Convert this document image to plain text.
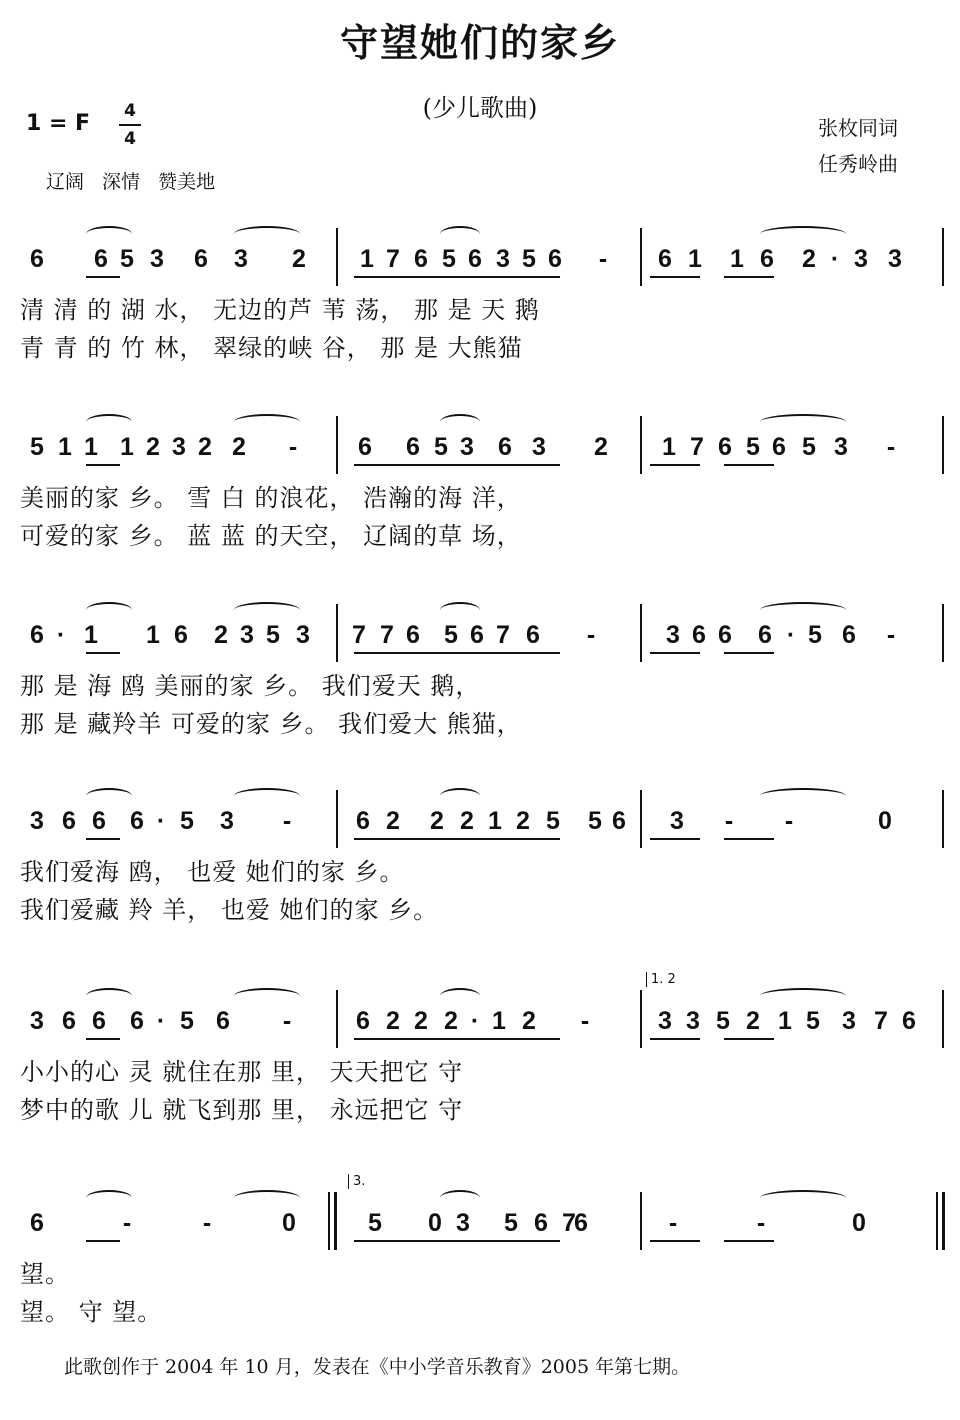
守望她们的家乡
(少儿歌曲)
张枚同词
任秀岭曲
1 = F 4
4
辽阔 深情 赞美地
6 6 5 3 6 3 2 1 7 6 5 6 3 5 6	-	6 1 1 6 2 · 3 3
清 清 的 湖 水， 无边的芦 苇 荡， 那 是 天 鹅
青 青 的 竹 林， 翠绿的峡 谷， 那 是 大熊猫
5 1 1 1 2 3 2 2	-	6 6 5 3 6 3 2 1 7 6 5 6 5 3	-
美丽的家 乡。 雪 白 的浪花， 浩瀚的海 洋，
可爱的家 乡。 蓝 蓝 的天空， 辽阔的草 场，
6 · 1 1 6 2 3 5 3 7 7 6 5 6 7 6	-	3 6 6 6 · 5 6	-
那 是 海 鸥 美丽的家 乡。 我们爱天 鹅，
那 是 藏羚羊 可爱的家 乡。 我们爱大 熊猫，
3 6 6 6 · 5 3	-	6 2 2 2 1 2 5 5 6 3	-	-	0
我们爱海 鸥， 也爱 她们的家 乡。
我们爱藏 羚 羊， 也爱 她们的家 乡。
3 6 6 6 · 5 6	-	6 2 2 2 · 1 2	-	3 3 5 2 1 5 3 7 6
1. 2
小小的心 灵 就住在那 里， 天天把它 守
梦中的歌 儿 就飞到那 里， 永远把它 守
6	-	-	0	5 0 3 5 6 7
6	-	-	0
3.
望。
望。 守 望。
此歌创作于 2004 年 10 月，发表在《中小学音乐教育》2005 年第七期。
